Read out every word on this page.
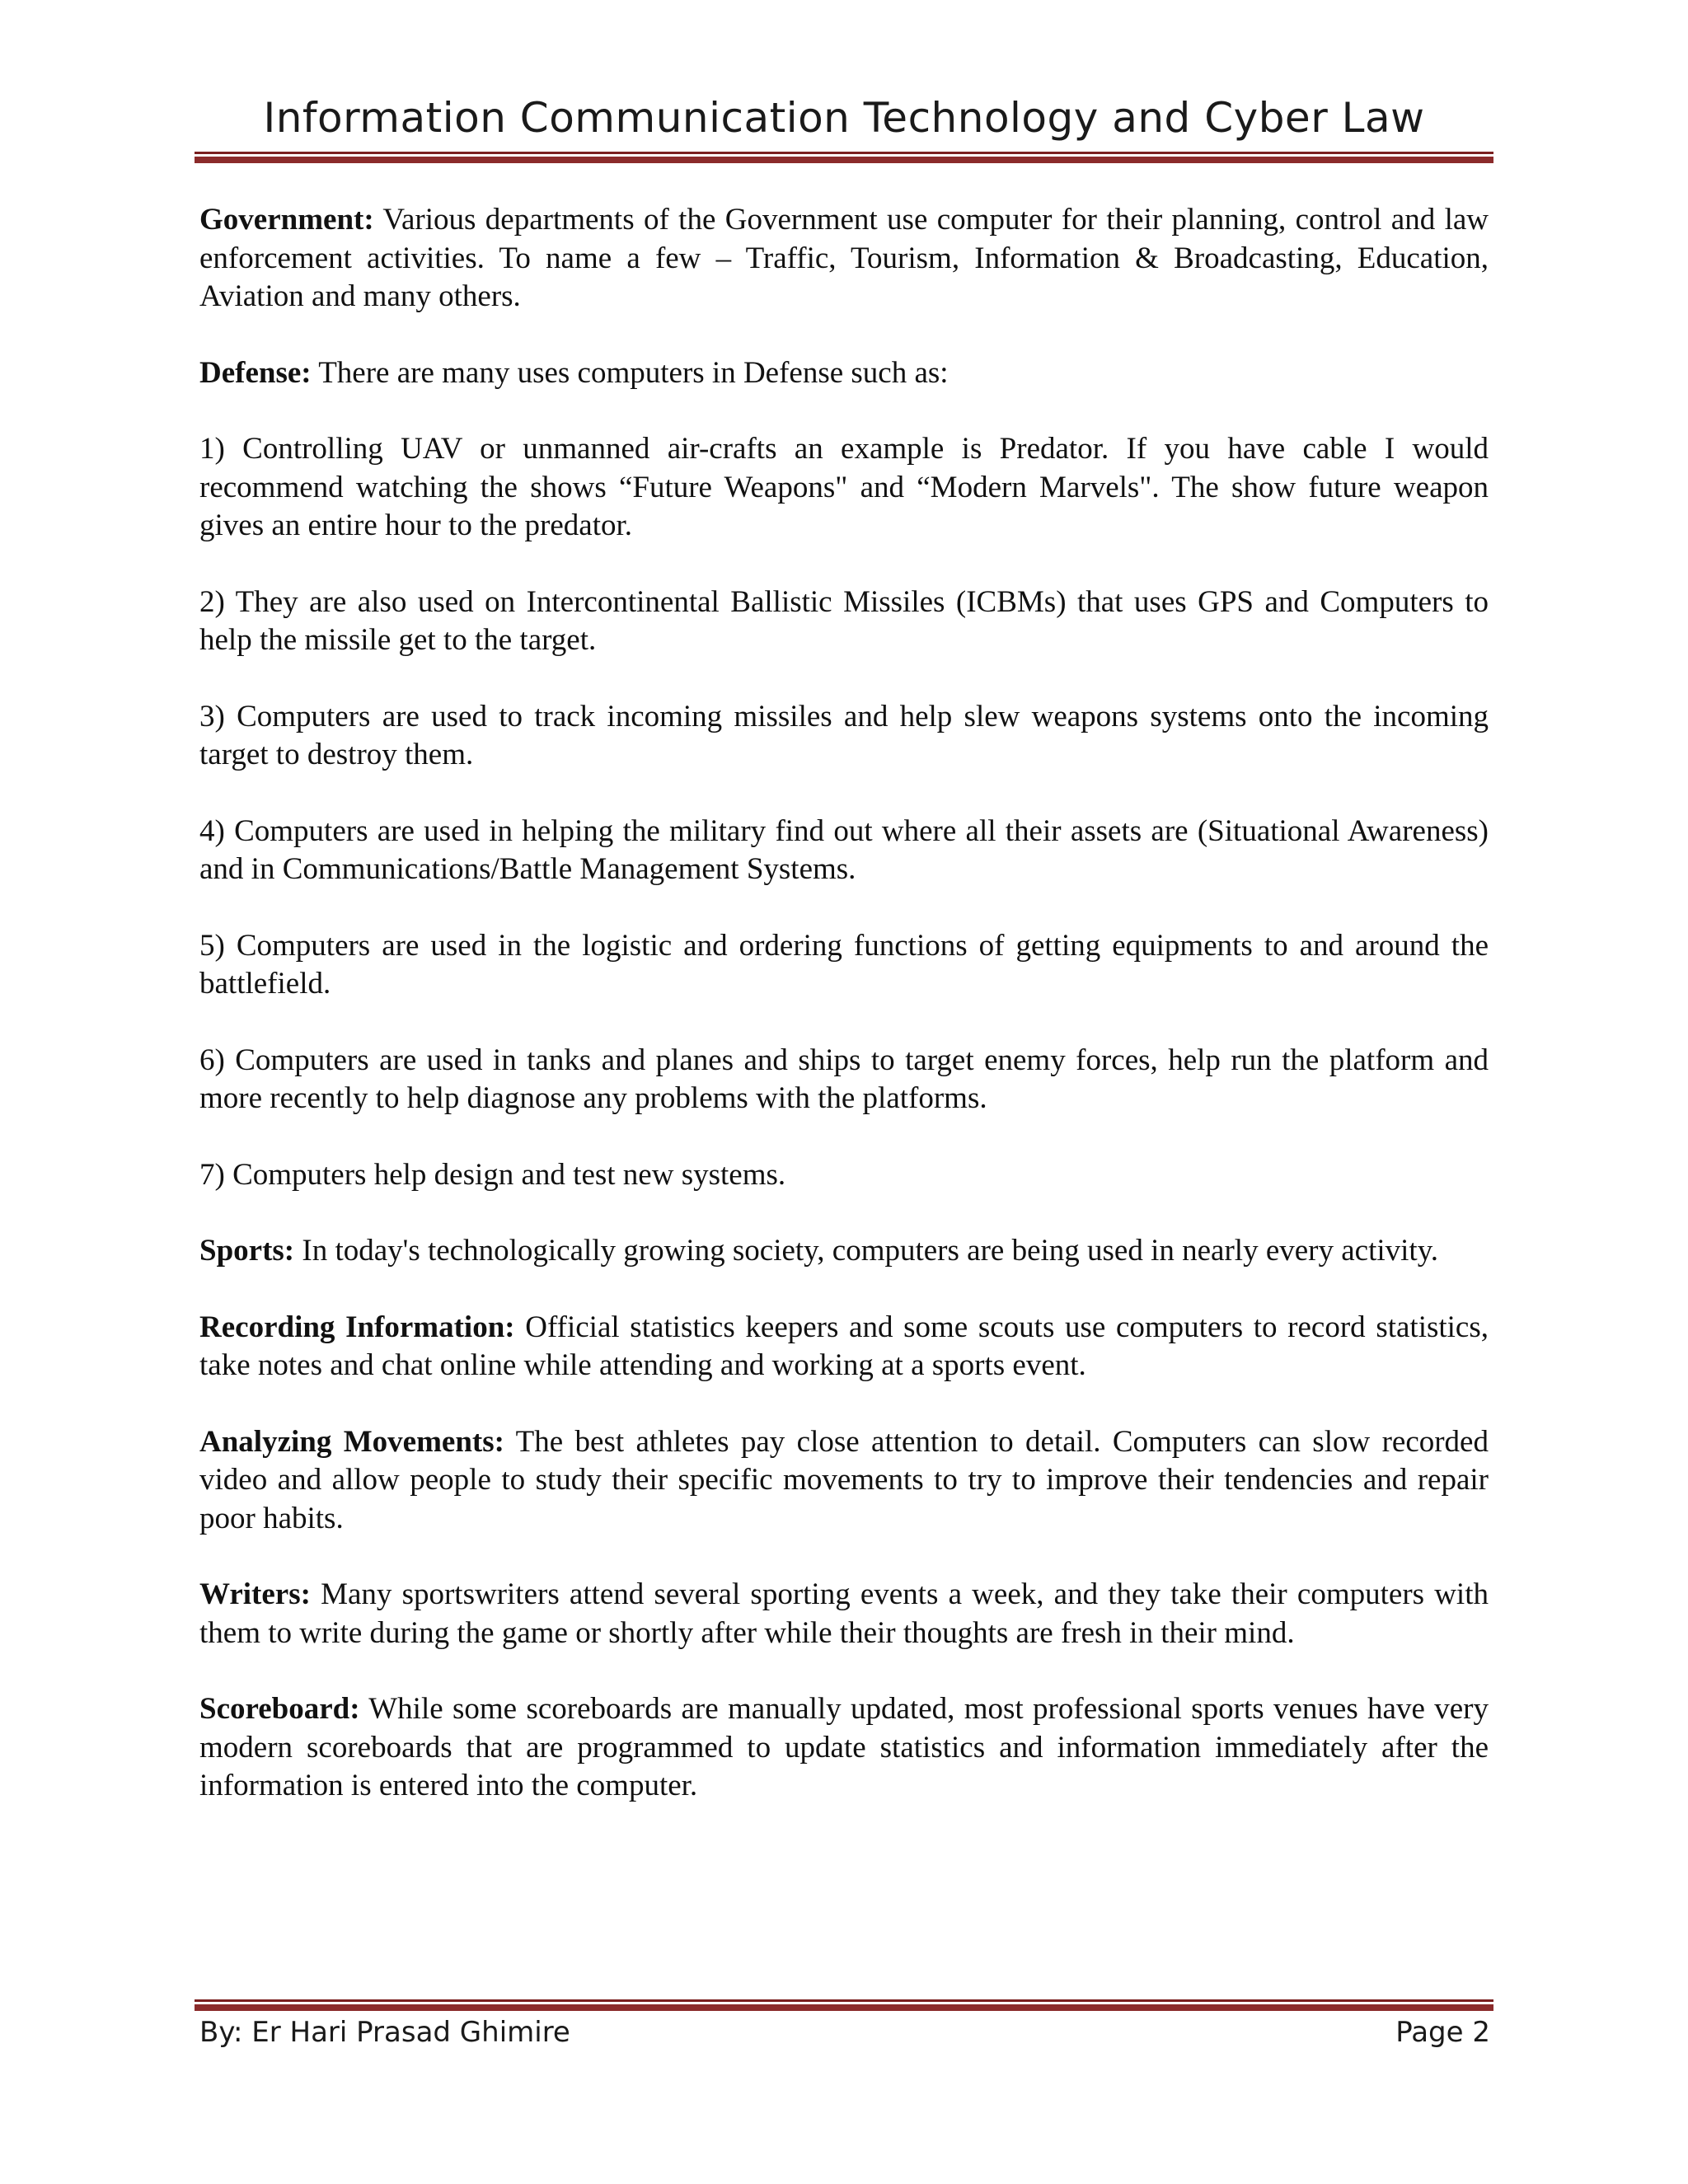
Information Communication Technology and Cyber Law

Government: Various departments of the Government use computer for their planning, control and law enforcement activities. To name a few – Traffic, Tourism, Information & Broadcasting, Education, Aviation and many others.

Defense: There are many uses computers in Defense such as:

1) Controlling UAV or unmanned air-crafts an example is Predator. If you have cable I would recommend watching the shows “Future Weapons" and “Modern Marvels". The show future weapon gives an entire hour to the predator.

2) They are also used on Intercontinental Ballistic Missiles (ICBMs) that uses GPS and Computers to help the missile get to the target.

3) Computers are used to track incoming missiles and help slew weapons systems onto the incoming target to destroy them.

4) Computers are used in helping the military find out where all their assets are (Situational Awareness) and in Communications/Battle Management Systems.

5) Computers are used in the logistic and ordering functions of getting equipments to and around the battlefield.

6) Computers are used in tanks and planes and ships to target enemy forces, help run the platform and more recently to help diagnose any problems with the platforms.

7) Computers help design and test new systems.

Sports: In today's technologically growing society, computers are being used in nearly every activity.

Recording Information: Official statistics keepers and some scouts use computers to record statistics, take notes and chat online while attending and working at a sports event.

Analyzing Movements: The best athletes pay close attention to detail. Computers can slow recorded video and allow people to study their specific movements to try to improve their tendencies and repair poor habits.

Writers: Many sportswriters attend several sporting events a week, and they take their computers with them to write during the game or shortly after while their thoughts are fresh in their mind.

Scoreboard: While some scoreboards are manually updated, most professional sports venues have very modern scoreboards that are programmed to update statistics and information immediately after the information is entered into the computer.

By: Er Hari Prasad Ghimire	Page 2
